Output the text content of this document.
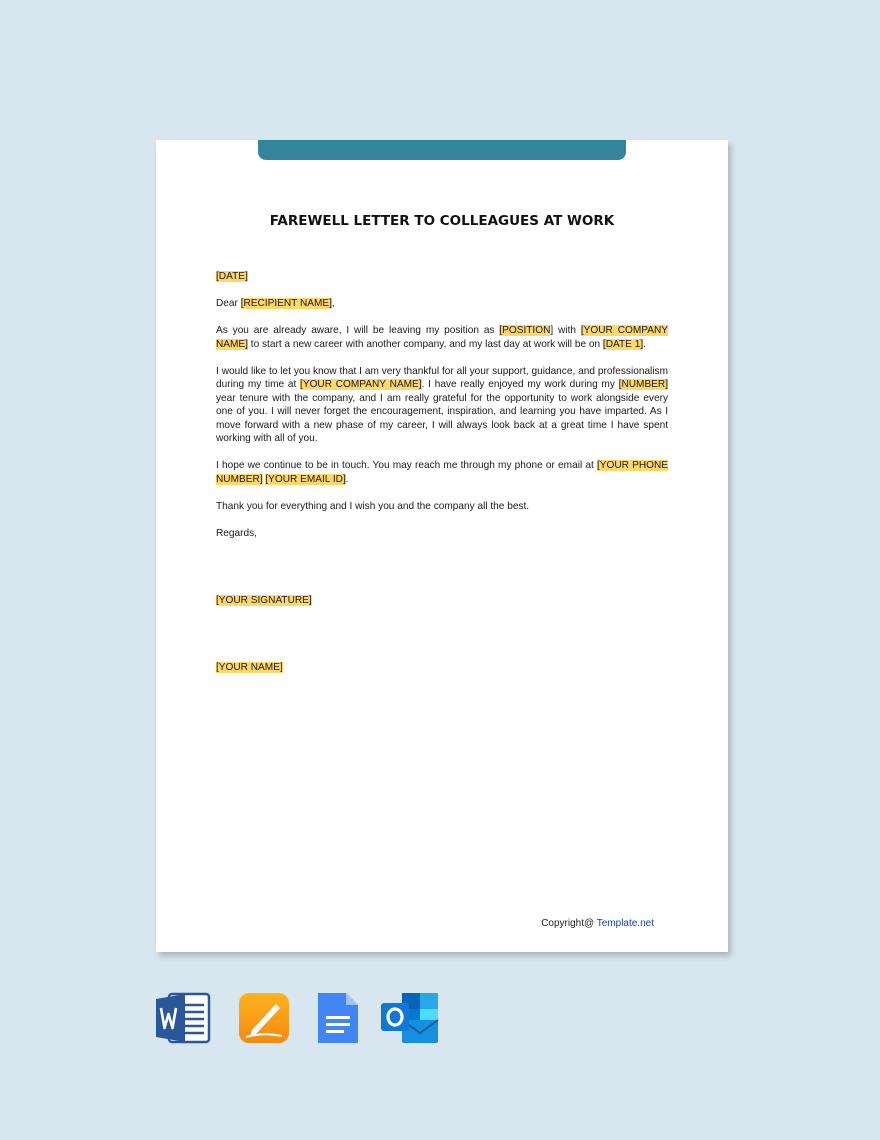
FAREWELL LETTER TO COLLEAGUES AT WORK

[DATE]

Dear [RECIPIENT NAME],

As you are already aware, I will be leaving my position as [POSITION] with [YOUR COMPANY NAME] to start a new career with another company, and my last day at work will be on [DATE 1].

I would like to let you know that I am very thankful for all your support, guidance, and professionalism during my time at [YOUR COMPANY NAME]. I have really enjoyed my work during my [NUMBER] year tenure with the company, and I am really grateful for the opportunity to work alongside every one of you. I will never forget the encouragement, inspiration, and learning you have imparted. As I move forward with a new phase of my career, I will always look back at a great time I have spent working with all of you.

I hope we continue to be in touch. You may reach me through my phone or email at [YOUR PHONE NUMBER] [YOUR EMAIL ID].

Thank you for everything and I wish you and the company all the best.

Regards,

[YOUR SIGNATURE]

[YOUR NAME]

Copyright@ Template.net
